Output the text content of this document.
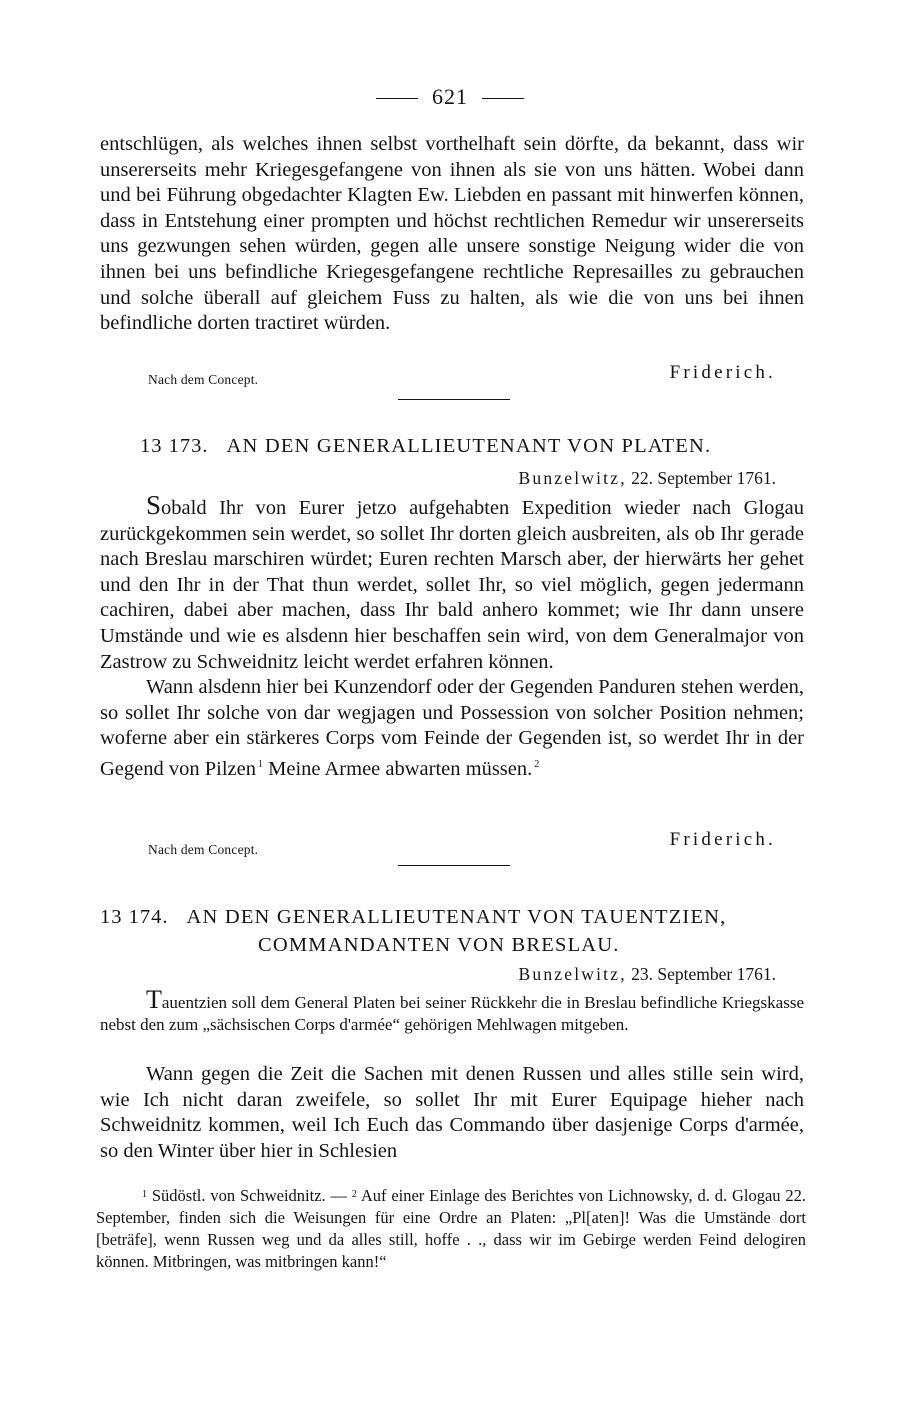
621

entschlügen, als welches ihnen selbst vorthelhaft sein dörfte, da bekannt, dass wir unsererseits mehr Kriegesgefangene von ihnen als sie von uns hätten. Wobei dann und bei Führung obgedachter Klagten Ew. Liebden en passant mit hinwerfen können, dass in Entstehung einer prompten und höchst rechtlichen Remedur wir unsererseits uns gezwungen sehen würden, gegen alle unsere sonstige Neigung wider die von ihnen bei uns befindliche Kriegesgefangene rechtliche Represailles zu gebrauchen und solche überall auf gleichem Fuss zu halten, als wie die von uns bei ihnen befindliche dorten tractiret würden.

Nach dem Concept.	Friderich.
13 173. AN DEN GENERALLIEUTENANT VON PLATEN.
Bunzelwitz, 22. September 1761.

Sobald Ihr von Eurer jetzo aufgehabten Expedition wieder nach Glogau zurückgekommen sein werdet, so sollet Ihr dorten gleich ausbreiten, als ob Ihr gerade nach Breslau marschiren würdet; Euren rechten Marsch aber, der hierwärts her gehet und den Ihr in der That thun werdet, sollet Ihr, so viel möglich, gegen jedermann cachiren, dabei aber machen, dass Ihr bald anhero kommet; wie Ihr dann unsere Umstände und wie es alsdenn hier beschaffen sein wird, von dem Generalmajor von Zastrow zu Schweidnitz leicht werdet erfahren können.

Wann alsdenn hier bei Kunzendorf oder der Gegenden Panduren stehen werden, so sollet Ihr solche von dar wegjagen und Possession von solcher Position nehmen; woferne aber ein stärkeres Corps vom Feinde der Gegenden ist, so werdet Ihr in der Gegend von Pilzen $^1$ Meine Armee abwarten müssen. $^2$

Nach dem Concept.	Friderich.
13 174. AN DEN GENERALLIEUTENANT VON TAUENTZIEN,
COMMANDANTEN VON BRESLAU.
Bunzelwitz, 23. September 1761.

Tauentzien soll dem General Platen bei seiner Rückkehr die in Breslau befindliche Kriegskasse nebst den zum „sächsischen Corps d'armée“ gehörigen Mehlwagen mitgeben.

Wann gegen die Zeit die Sachen mit denen Russen und alles stille sein wird, wie Ich nicht daran zweifele, so sollet Ihr mit Eurer Equipage hieher nach Schweidnitz kommen, weil Ich Euch das Commando über dasjenige Corps d'armée, so den Winter über hier in Schlesien

$^1$ Südöstl. von Schweidnitz. — $^2$ Auf einer Einlage des Berichtes von Lichnowsky, d. d. Glogau 22. September, finden sich die Weisungen für eine Ordre an Platen: „Pl[aten]! Was die Umstände dort [beträfe], wenn Russen weg und da alles still, hoffe . ., dass wir im Gebirge werden Feind delogiren können. Mitbringen, was mitbringen kann!“
